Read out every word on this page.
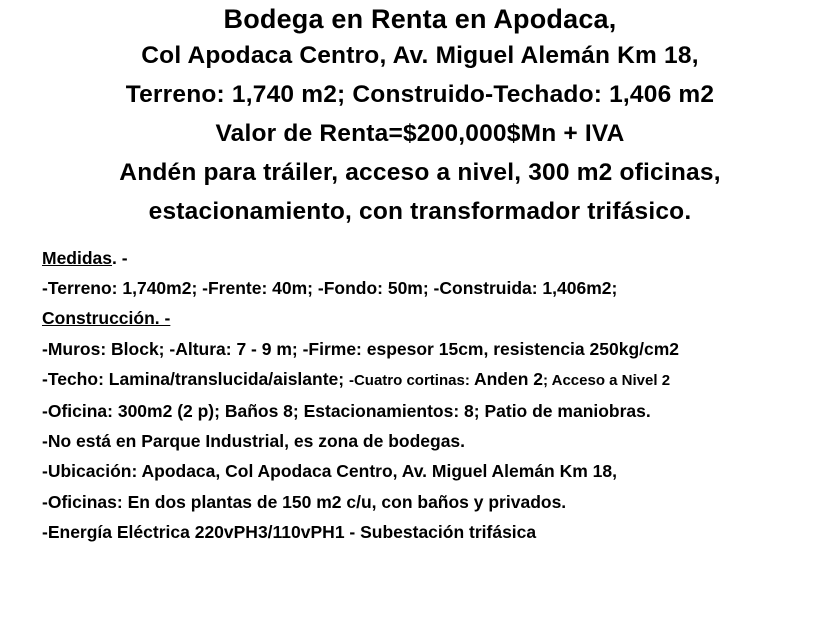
Bodega en Renta en Apodaca,
Col Apodaca Centro, Av. Miguel Alemán Km 18,
Terreno: 1,740 m2; Construido-Techado: 1,406 m2
Valor de Renta=$200,000$Mn + IVA
Andén para tráiler, acceso a nivel, 300 m2 oficinas,
estacionamiento, con transformador trifásico.
Medidas. -
-Terreno: 1,740m2; -Frente: 40m; -Fondo: 50m; -Construida: 1,406m2;
Construcción. -
-Muros: Block; -Altura: 7 - 9 m; -Firme: espesor 15cm, resistencia 250kg/cm2
-Techo: Lamina/translucida/aislante; -Cuatro cortinas: Anden 2; Acceso a Nivel 2
-Oficina: 300m2 (2 p); Baños 8; Estacionamientos: 8; Patio de maniobras.
-No está en Parque Industrial, es zona de bodegas.
-Ubicación: Apodaca, Col Apodaca Centro, Av. Miguel Alemán Km 18,
-Oficinas: En dos plantas de 150 m2 c/u, con baños y privados.
-Energía Eléctrica 220vPH3/110vPH1 - Subestación trifásica
